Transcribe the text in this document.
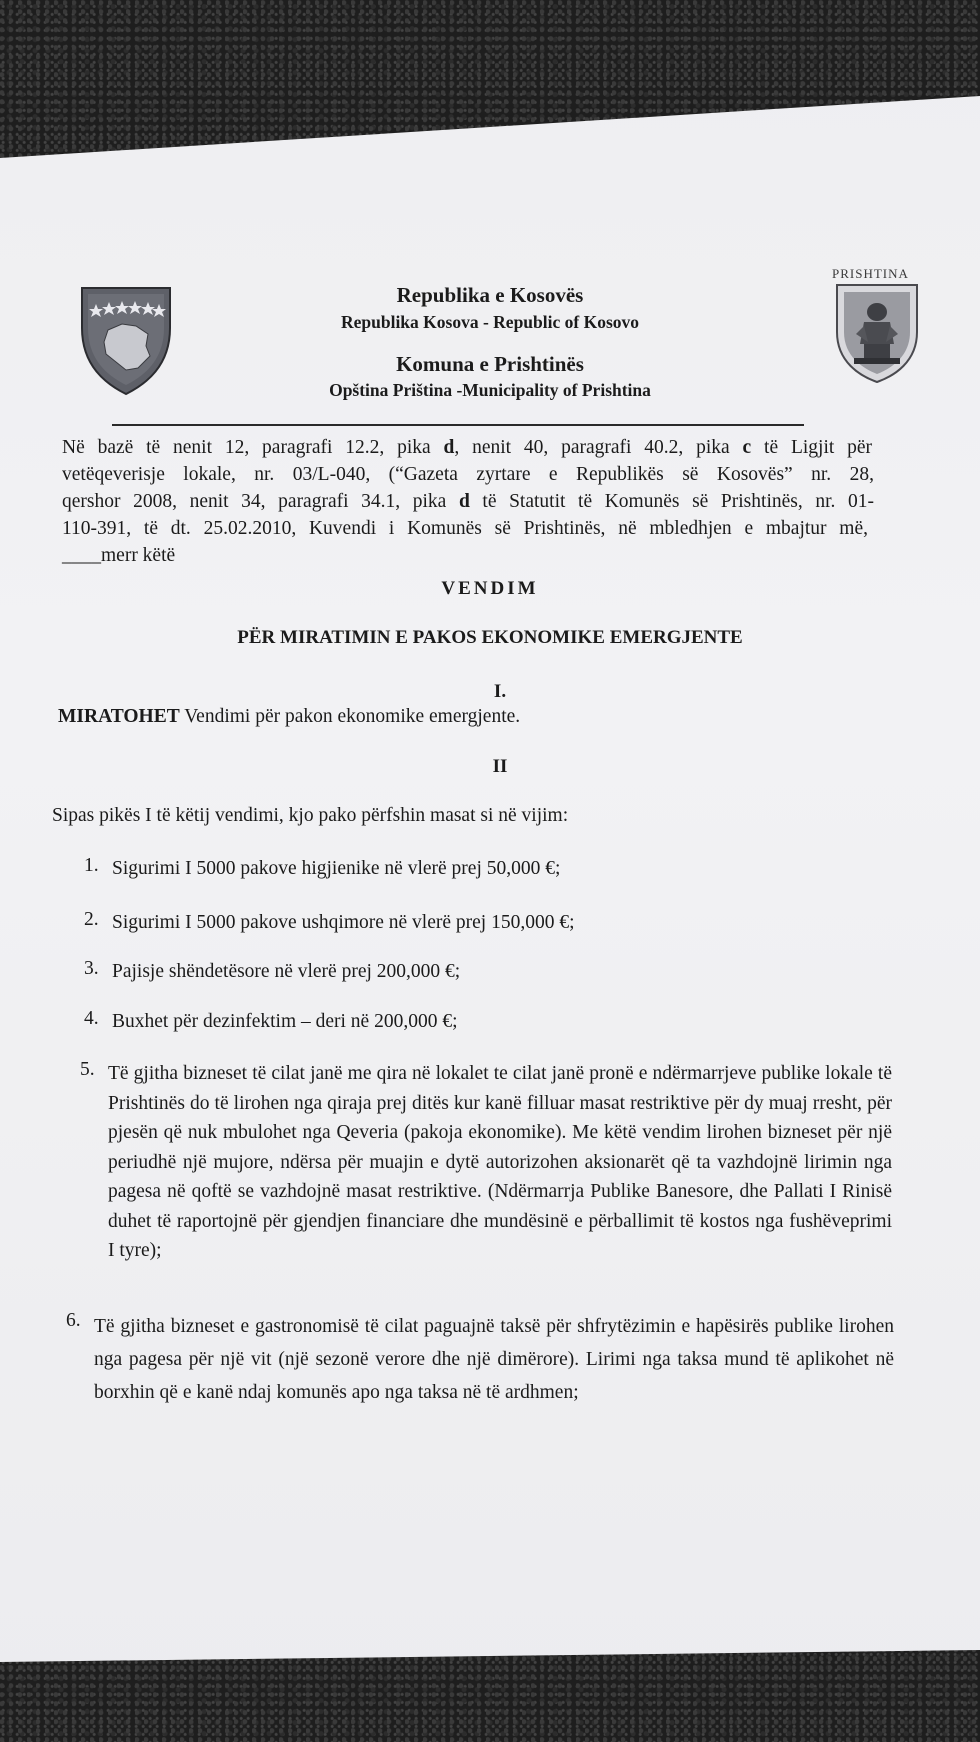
PRISHTINA
Republika e Kosovës
Republika Kosova - Republic of Kosovo
Komuna e Prishtinës
Opština Priština -Municipality of Prishtina
Në bazë të nenit 12, paragrafi 12.2, pika d, nenit 40, paragrafi 40.2, pika c të Ligjit për
vetëqeverisje lokale, nr. 03/L-040, (“Gazeta zyrtare e Republikës së Kosovës” nr. 28,
qershor 2008, nenit 34, paragrafi 34.1, pika d të Statutit të Komunës së Prishtinës, nr. 01-
110-391, të dt. 25.02.2010, Kuvendi i Komunës së Prishtinës, në mbledhjen e mbajtur më,
____merr këtë
VENDIM
PËR MIRATIMIN E PAKOS EKONOMIKE EMERGJENTE
I.
MIRATOHET Vendimi për pakon ekonomike emergjente.
II
Sipas pikës I të këtij vendimi, kjo pako përfshin masat si në vijim:
1. Sigurimi I 5000 pakove higjienike në vlerë prej 50,000 €;
2. Sigurimi I 5000 pakove ushqimore në vlerë prej 150,000 €;
3. Pajisje shëndetësore në vlerë prej 200,000 €;
4. Buxhet për dezinfektim – deri në 200,000 €;
5. Të gjitha bizneset të cilat janë me qira në lokalet te cilat janë pronë e ndërmarrjeve publike lokale të Prishtinës do të lirohen nga qiraja prej ditës kur kanë filluar masat restriktive për dy muaj rresht, për pjesën që nuk mbulohet nga Qeveria (pakoja ekonomike). Me këtë vendim lirohen bizneset për një periudhë një mujore, ndërsa për muajin e dytë autorizohen aksionarët që ta vazhdojnë lirimin nga pagesa në qoftë se vazhdojnë masat restriktive. (Ndërmarrja Publike Banesore, dhe Pallati I Rinisë duhet të raportojnë për gjendjen financiare dhe mundësinë e përballimit të kostos nga fushëveprimi I tyre);
6. Të gjitha bizneset e gastronomisë të cilat paguajnë taksë për shfrytëzimin e hapësirës publike lirohen nga pagesa për një vit (një sezonë verore dhe një dimërore). Lirimi nga taksa mund të aplikohet në borxhin që e kanë ndaj komunës apo nga taksa në të ardhmen;
